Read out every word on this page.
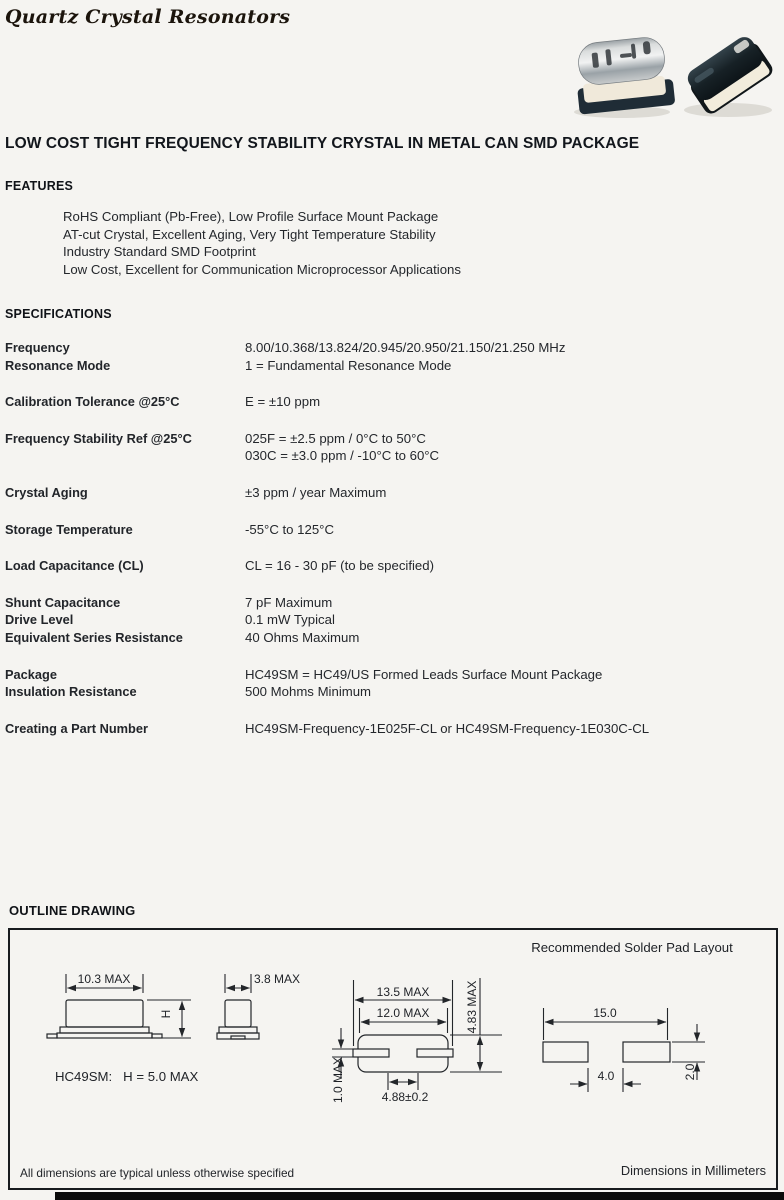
Quartz Crystal Resonators
LOW COST TIGHT FREQUENCY STABILITY CRYSTAL IN METAL CAN SMD PACKAGE
FEATURES
RoHS Compliant (Pb-Free), Low Profile Surface Mount Package
AT-cut Crystal, Excellent Aging, Very Tight Temperature Stability
Industry Standard SMD Footprint
Low Cost, Excellent for Communication Microprocessor Applications
SPECIFICATIONS
Frequency	8.00/10.368/13.824/20.945/20.950/21.150/21.250 MHz
Resonance Mode	1 = Fundamental Resonance Mode
Calibration Tolerance @25°C	E = ±10 ppm
Frequency Stability Ref @25°C	025F = ±2.5 ppm / 0°C to 50°C
030C = ±3.0 ppm / -10°C to 60°C
Crystal Aging	±3 ppm / year Maximum
Storage Temperature	-55°C to 125°C
Load Capacitance (CL)	CL = 16 - 30 pF (to be specified)
Shunt Capacitance	7 pF Maximum
Drive Level	0.1 mW Typical
Equivalent Series Resistance	40 Ohms Maximum
Package	HC49SM = HC49/US Formed Leads Surface Mount Package
Insulation Resistance	500 Mohms Minimum
Creating a Part Number	HC49SM-Frequency-1E025F-CL or HC49SM-Frequency-1E030C-CL
OUTLINE DRAWING
10.3 MAX
H
HC49SM:   H = 5.0 MAX
3.8 MAX
13.5 MAX
12.0 MAX	4.83 MAX
1.0 MAX	4.88±0.2
Recommended Solder Pad Layout
15.0
4.0	2.0
All dimensions are typical unless otherwise specified	Dimensions in Millimeters
